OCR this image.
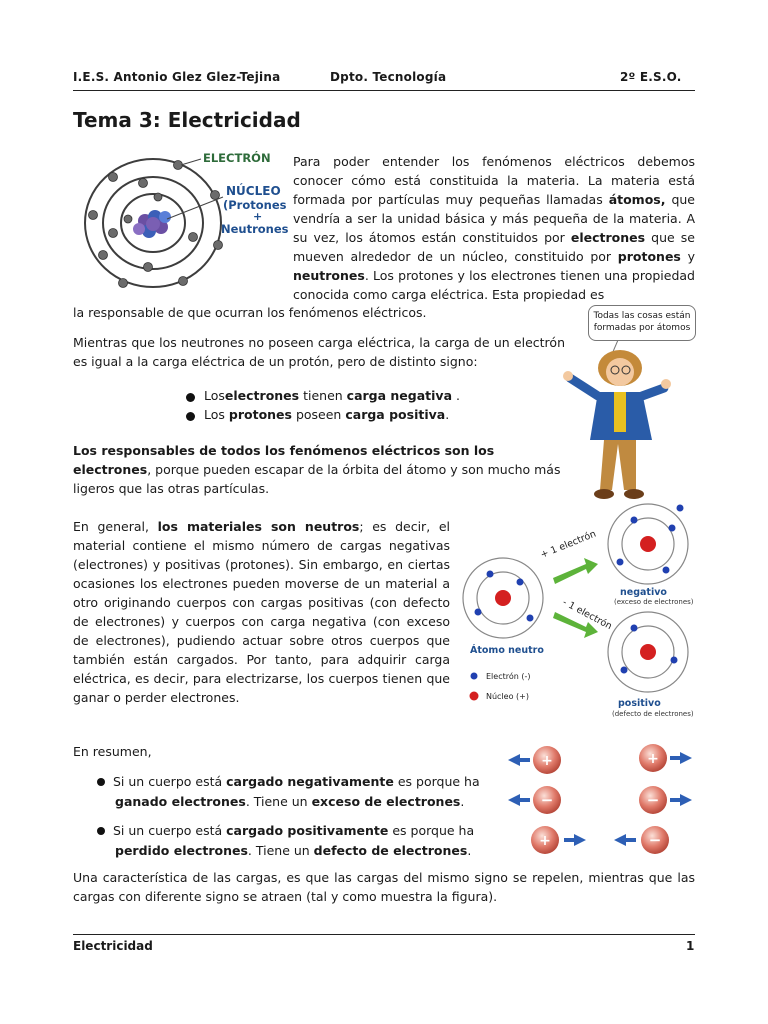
I.E.S. Antonio Glez Glez-Tejina	Dpto. Tecnología	2º E.S.O.
Tema 3: Electricidad
ELECTRÓN
NÚCLEO
(Protones
+
Neutrones
Para poder entender los fenómenos eléctricos debemos conocer cómo está constituida la materia. La materia está formada por partículas muy pequeñas llamadas átomos, que vendría a ser la unidad básica y más pequeña de la materia. A su vez, los átomos están constituidos por electrones que se mueven alrededor de un núcleo, constituido por protones y neutrones. Los protones y los electrones tienen una propiedad conocida como carga eléctrica. Esta propiedad es
la responsable de que ocurran los fenómenos eléctricos.	Todas las cosas están formadas por átomos
Mientras que los neutrones no poseen carga eléctrica, la carga de un electrón es igual a la carga eléctrica de un protón, pero de distinto signo:
Los electrones tienen carga negativa .
Los protones poseen carga positiva .
Los responsables de todos los fenómenos eléctricos son los electrones, porque pueden escapar de la órbita del átomo y son mucho más ligeros que las otras partículas.
En general, los materiales son neutros; es decir, el material contiene el mismo número de cargas negativas (electrones) y positivas (protones). Sin embargo, en ciertas ocasiones los electrones pueden moverse de un material a otro originando cuerpos con cargas positivas (con defecto de electrones) y cuerpos con carga negativa (con exceso de electrones), pudiendo actuar sobre otros cuerpos que también están cargados. Por tanto, para adquirir carga eléctrica, es decir, para electrizarse, los cuerpos tienen que ganar o perder electrones.
+ 1 electrón
- 1 electrón
negativo
(exceso de electrones)
positivo
(defecto de electrones)
Átomo neutro
Electrón (-)
Núcleo (+)
En resumen,
Si un cuerpo está cargado negativamente es porque ha
ganado electrones. Tiene un exceso de electrones.
Si un cuerpo está cargado positivamente es porque ha
perdido electrones. Tiene un defecto de electrones.
+	+
−	−
+	−
Una característica de las cargas, es que las cargas del mismo signo se repelen, mientras que las cargas con diferente signo se atraen (tal y como muestra la figura).
Electricidad	1
